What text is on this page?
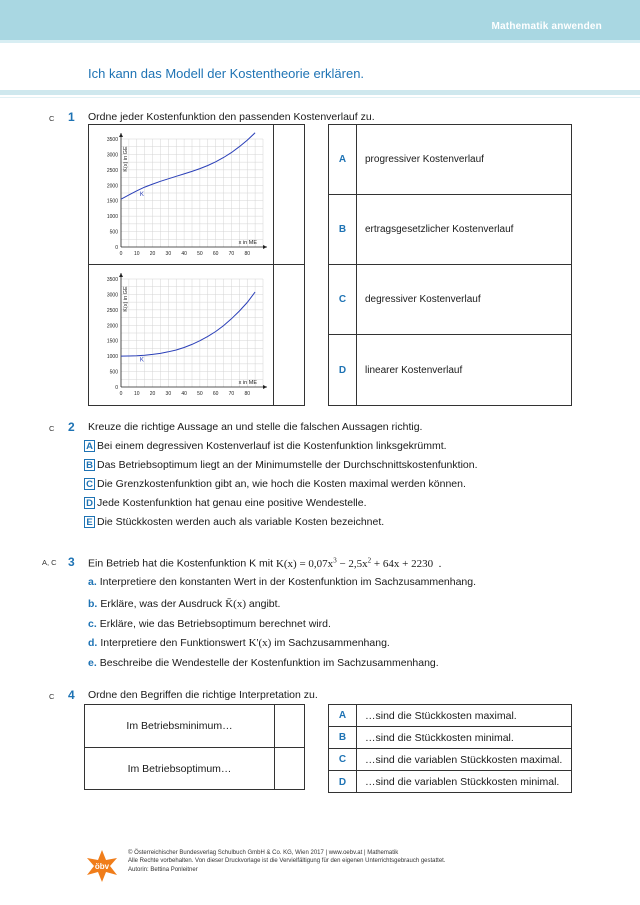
Mathematik anwenden
Ich kann das Modell der Kostentheorie erklären.
C 1 Ordne jeder Kostenfunktion den passenden Kostenverlauf zu.
0 10 20 30 40 50 60 70 80
0
500
1000
1500
2000
2500
3000
3500
x in ME
K(x) in GE
K
0 10 20 30 40 50 60 70 80
0
500
1000
1500
2000
2500
3000
3500
x in ME
K(x) in GE
K
A	progressiver Kostenverlauf
B	ertragsgesetzlicher Kostenverlauf
C	degressiver Kostenverlauf
D	linearer Kostenverlauf
C 2 Kreuze die richtige Aussage an und stelle die falschen Aussagen richtig.
A Bei einem degressiven Kostenverlauf ist die Kostenfunktion linksgekrümmt.
B Das Betriebsoptimum liegt an der Minimumstelle der Durchschnittskostenfunktion.
C Die Grenzkostenfunktion gibt an, wie hoch die Kosten maximal werden können.
D Jede Kostenfunktion hat genau eine positive Wendestelle.
E Die Stückkosten werden auch als variable Kosten bezeichnet.
A, C 3 Ein Betrieb hat die Kostenfunktion K mit $K(x) = 0,07x^3 - 2,5x^2 + 64x + 2230$ .
a. Interpretiere den konstanten Wert in der Kostenfunktion im Sachzusammenhang.
b. Erkläre, was der Ausdruck K̄(x) angibt.
c. Erkläre, wie das Betriebsoptimum berechnet wird.
d. Interpretiere den Funktionswert K'(x) im Sachzusammenhang.
e. Beschreibe die Wendestelle der Kostenfunktion im Sachzusammenhang.
C 4 Ordne den Begriffen die richtige Interpretation zu.
Im Betriebsminimum…
Im Betriebsoptimum…
A	…sind die Stückkosten maximal.
B	…sind die Stückkosten minimal.
C	…sind die variablen Stückkosten maximal.
D	…sind die variablen Stückkosten minimal.
öbv
© Österreichischer Bundesverlag Schulbuch GmbH & Co. KG, Wien 2017 | www.oebv.at | Mathematik
Alle Rechte vorbehalten. Von dieser Druckvorlage ist die Vervielfältigung für den eigenen Unterrichtsgebrauch gestattet.
Autorin: Bettina Ponleitner
